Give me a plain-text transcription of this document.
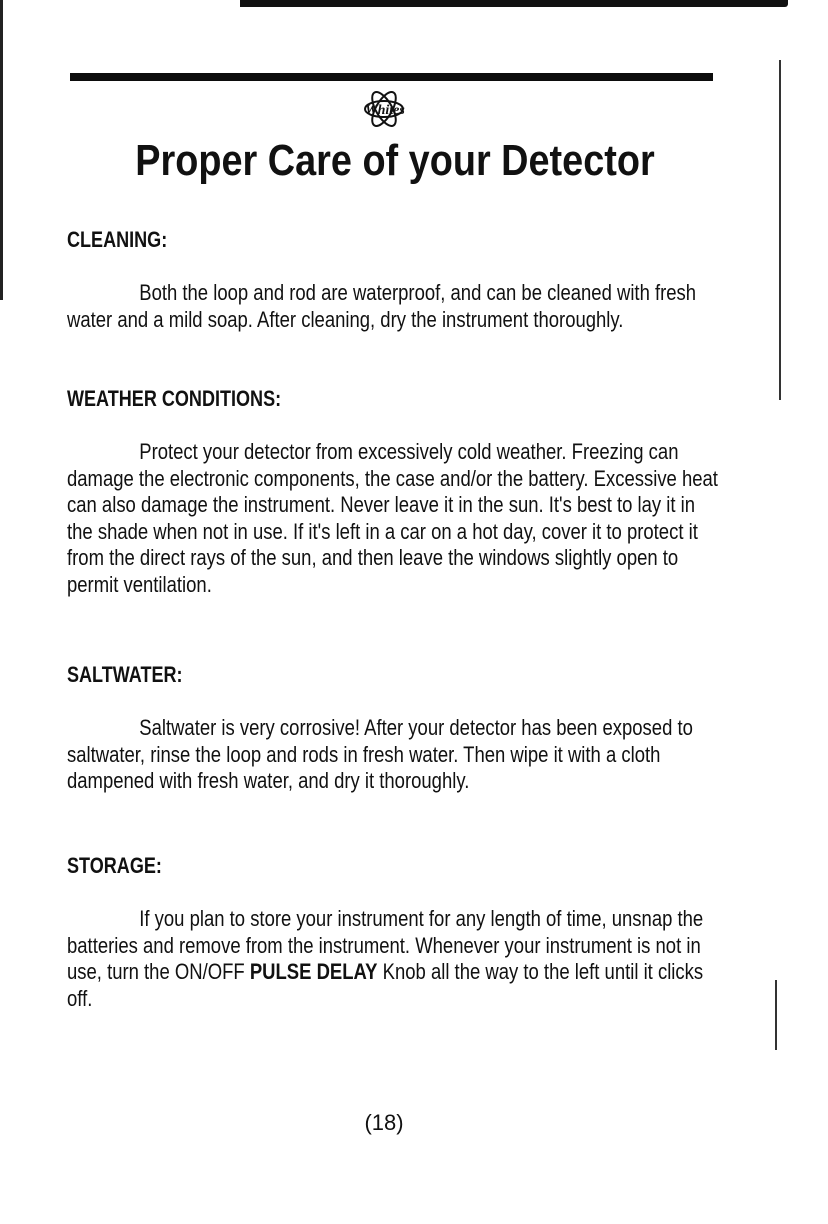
Whites
Proper Care of your Detector
CLEANING:

Both the loop and rod are waterproof, and can be cleaned with fresh water and a mild soap. After cleaning, dry the instrument thoroughly.

WEATHER CONDITIONS:

Protect your detector from excessively cold weather. Freezing can damage the electronic components, the case and/or the battery. Excessive heat can also damage the instrument. Never leave it in the sun. It's best to lay it in the shade when not in use. If it's left in a car on a hot day, cover it to protect it from the direct rays of the sun, and then leave the windows slightly open to permit ventilation.

SALTWATER:

Saltwater is very corrosive! After your detector has been exposed to saltwater, rinse the loop and rods in fresh water. Then wipe it with a cloth dampened with fresh water, and dry it thoroughly.

STORAGE:

If you plan to store your instrument for any length of time, unsnap the batteries and remove from the instrument. Whenever your instrument is not in use, turn the ON/OFF PULSE DELAY Knob all the way to the left until it clicks off.

(18)
